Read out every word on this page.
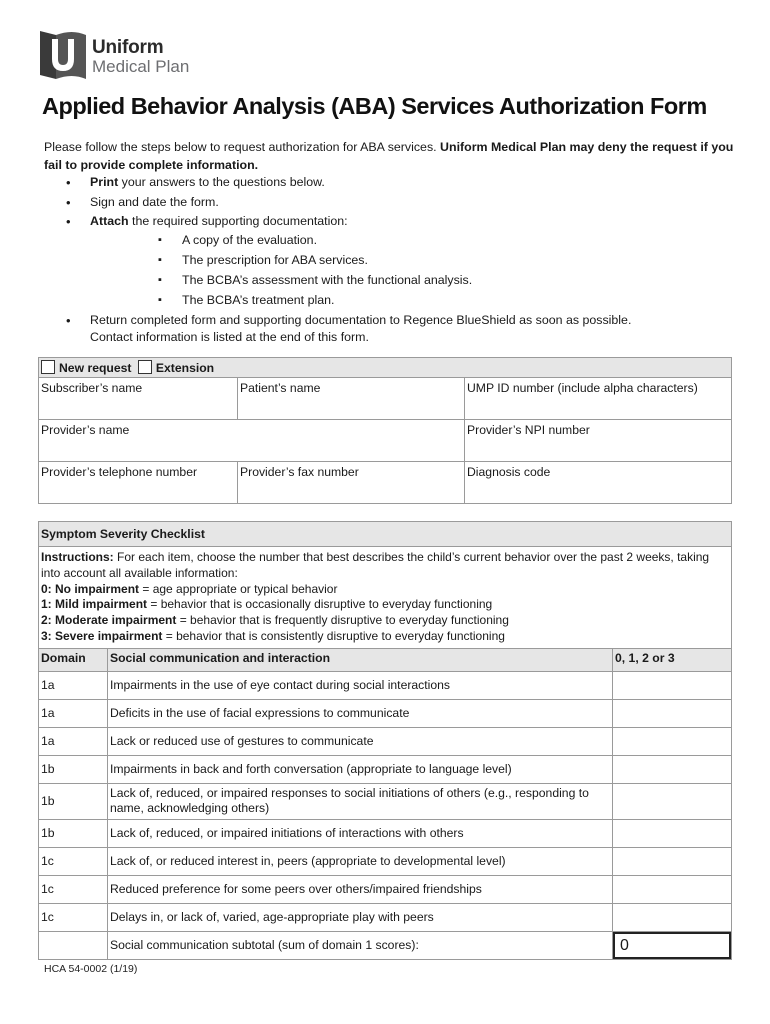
Uniform
Medical Plan
Applied Behavior Analysis (ABA) Services Authorization Form

Please follow the steps below to request authorization for ABA services. Uniform Medical Plan may deny the request if you fail to provide complete information.

• Print your answers to the questions below.
• Sign and date the form.
• Attach the required supporting documentation:
▪ A copy of the evaluation.
▪ The prescription for ABA services.
▪ The BCBA’s assessment with the functional analysis.
▪ The BCBA’s treatment plan.
• Return completed form and supporting documentation to Regence BlueShield as soon as possible. Contact information is listed at the end of this form.
New request Extension		
Subscriber’s name	Patient’s name	UMP ID number (include alpha characters)
Provider’s name		Provider’s NPI number
Provider’s telephone number	Provider’s fax number	Diagnosis code
Symptom Severity Checklist		
Instructions: For each item, choose the number that best describes the child’s current behavior over the past 2 weeks, taking into account all available information:
0: No impairment = age appropriate or typical behavior
1: Mild impairment = behavior that is occasionally disruptive to everyday functioning
2: Moderate impairment = behavior that is frequently disruptive to everyday functioning
3: Severe impairment = behavior that is consistently disruptive to everyday functioning		
Domain	Social communication and interaction	0, 1, 2 or 3
1a	Impairments in the use of eye contact during social interactions	
1a	Deficits in the use of facial expressions to communicate	
1a	Lack or reduced use of gestures to communicate	
1b	Impairments in back and forth conversation (appropriate to language level)	
1b	Lack of, reduced, or impaired responses to social initiations of others (e.g., responding to name, acknowledging others)	
1b	Lack of, reduced, or impaired initiations of interactions with others	
1c	Lack of, or reduced interest in, peers (appropriate to developmental level)	
1c	Reduced preference for some peers over others/impaired friendships	
1c	Delays in, or lack of, varied, age-appropriate play with peers	
	Social communication subtotal (sum of domain 1 scores):	0
HCA 54-0002 (1/19)
